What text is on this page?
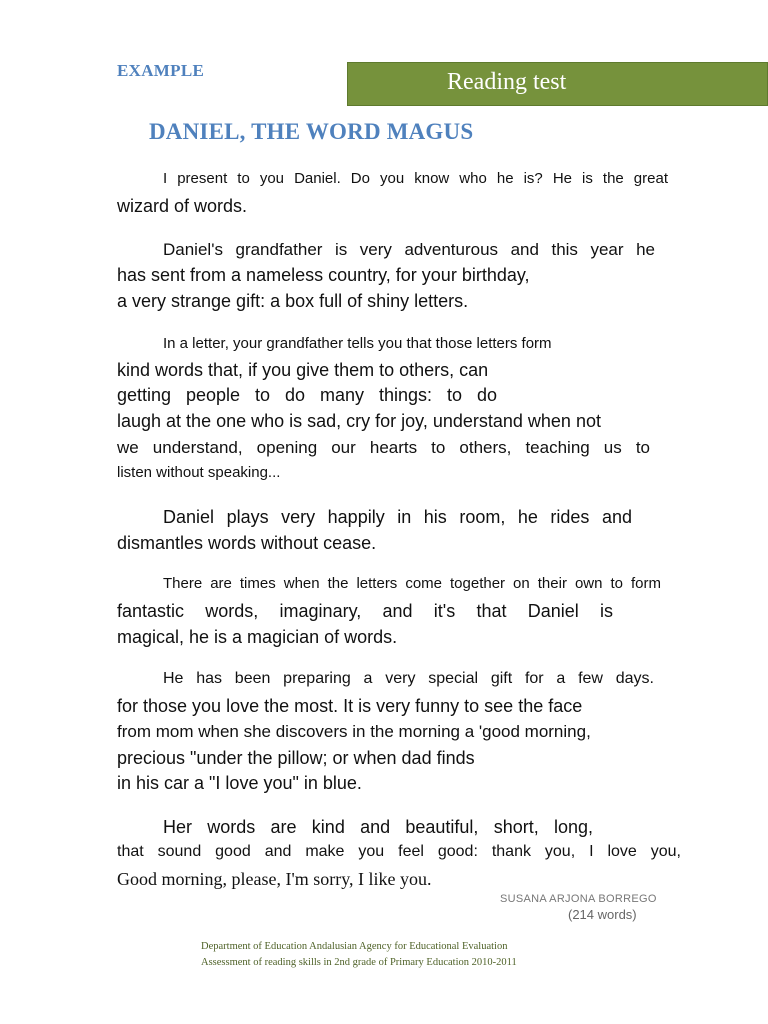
EXAMPLE	Reading test
DANIEL, THE WORD MAGUS
I present to you Daniel. Do you know who he is? He is the great
wizard of words.
Daniel's grandfather is very adventurous and this year he
has sent from a nameless country, for your birthday,
a very strange gift: a box full of shiny letters.
In a letter, your grandfather tells you that those letters form
kind words that, if you give them to others, can
getting people to do many things: to do
laugh at the one who is sad, cry for joy, understand when not
we understand, opening our hearts to others, teaching us to
listen without speaking...
Daniel plays very happily in his room, he rides and
dismantles words without cease.
There are times when the letters come together on their own to form
fantastic words, imaginary, and it's that Daniel is
magical, he is a magician of words.
He has been preparing a very special gift for a few days.
for those you love the most. It is very funny to see the face
from mom when she discovers in the morning a 'good morning,
precious "under the pillow; or when dad finds
in his car a "I love you" in blue.
Her words are kind and beautiful, short, long,
that sound good and make you feel good: thank you, I love you,
Good morning, please, I'm sorry, I like you.
SUSANA ARJONA BORREGO
(214 words)
Department of Education Andalusian Agency for Educational Evaluation
Assessment of reading skills in 2nd grade of Primary Education 2010-2011
